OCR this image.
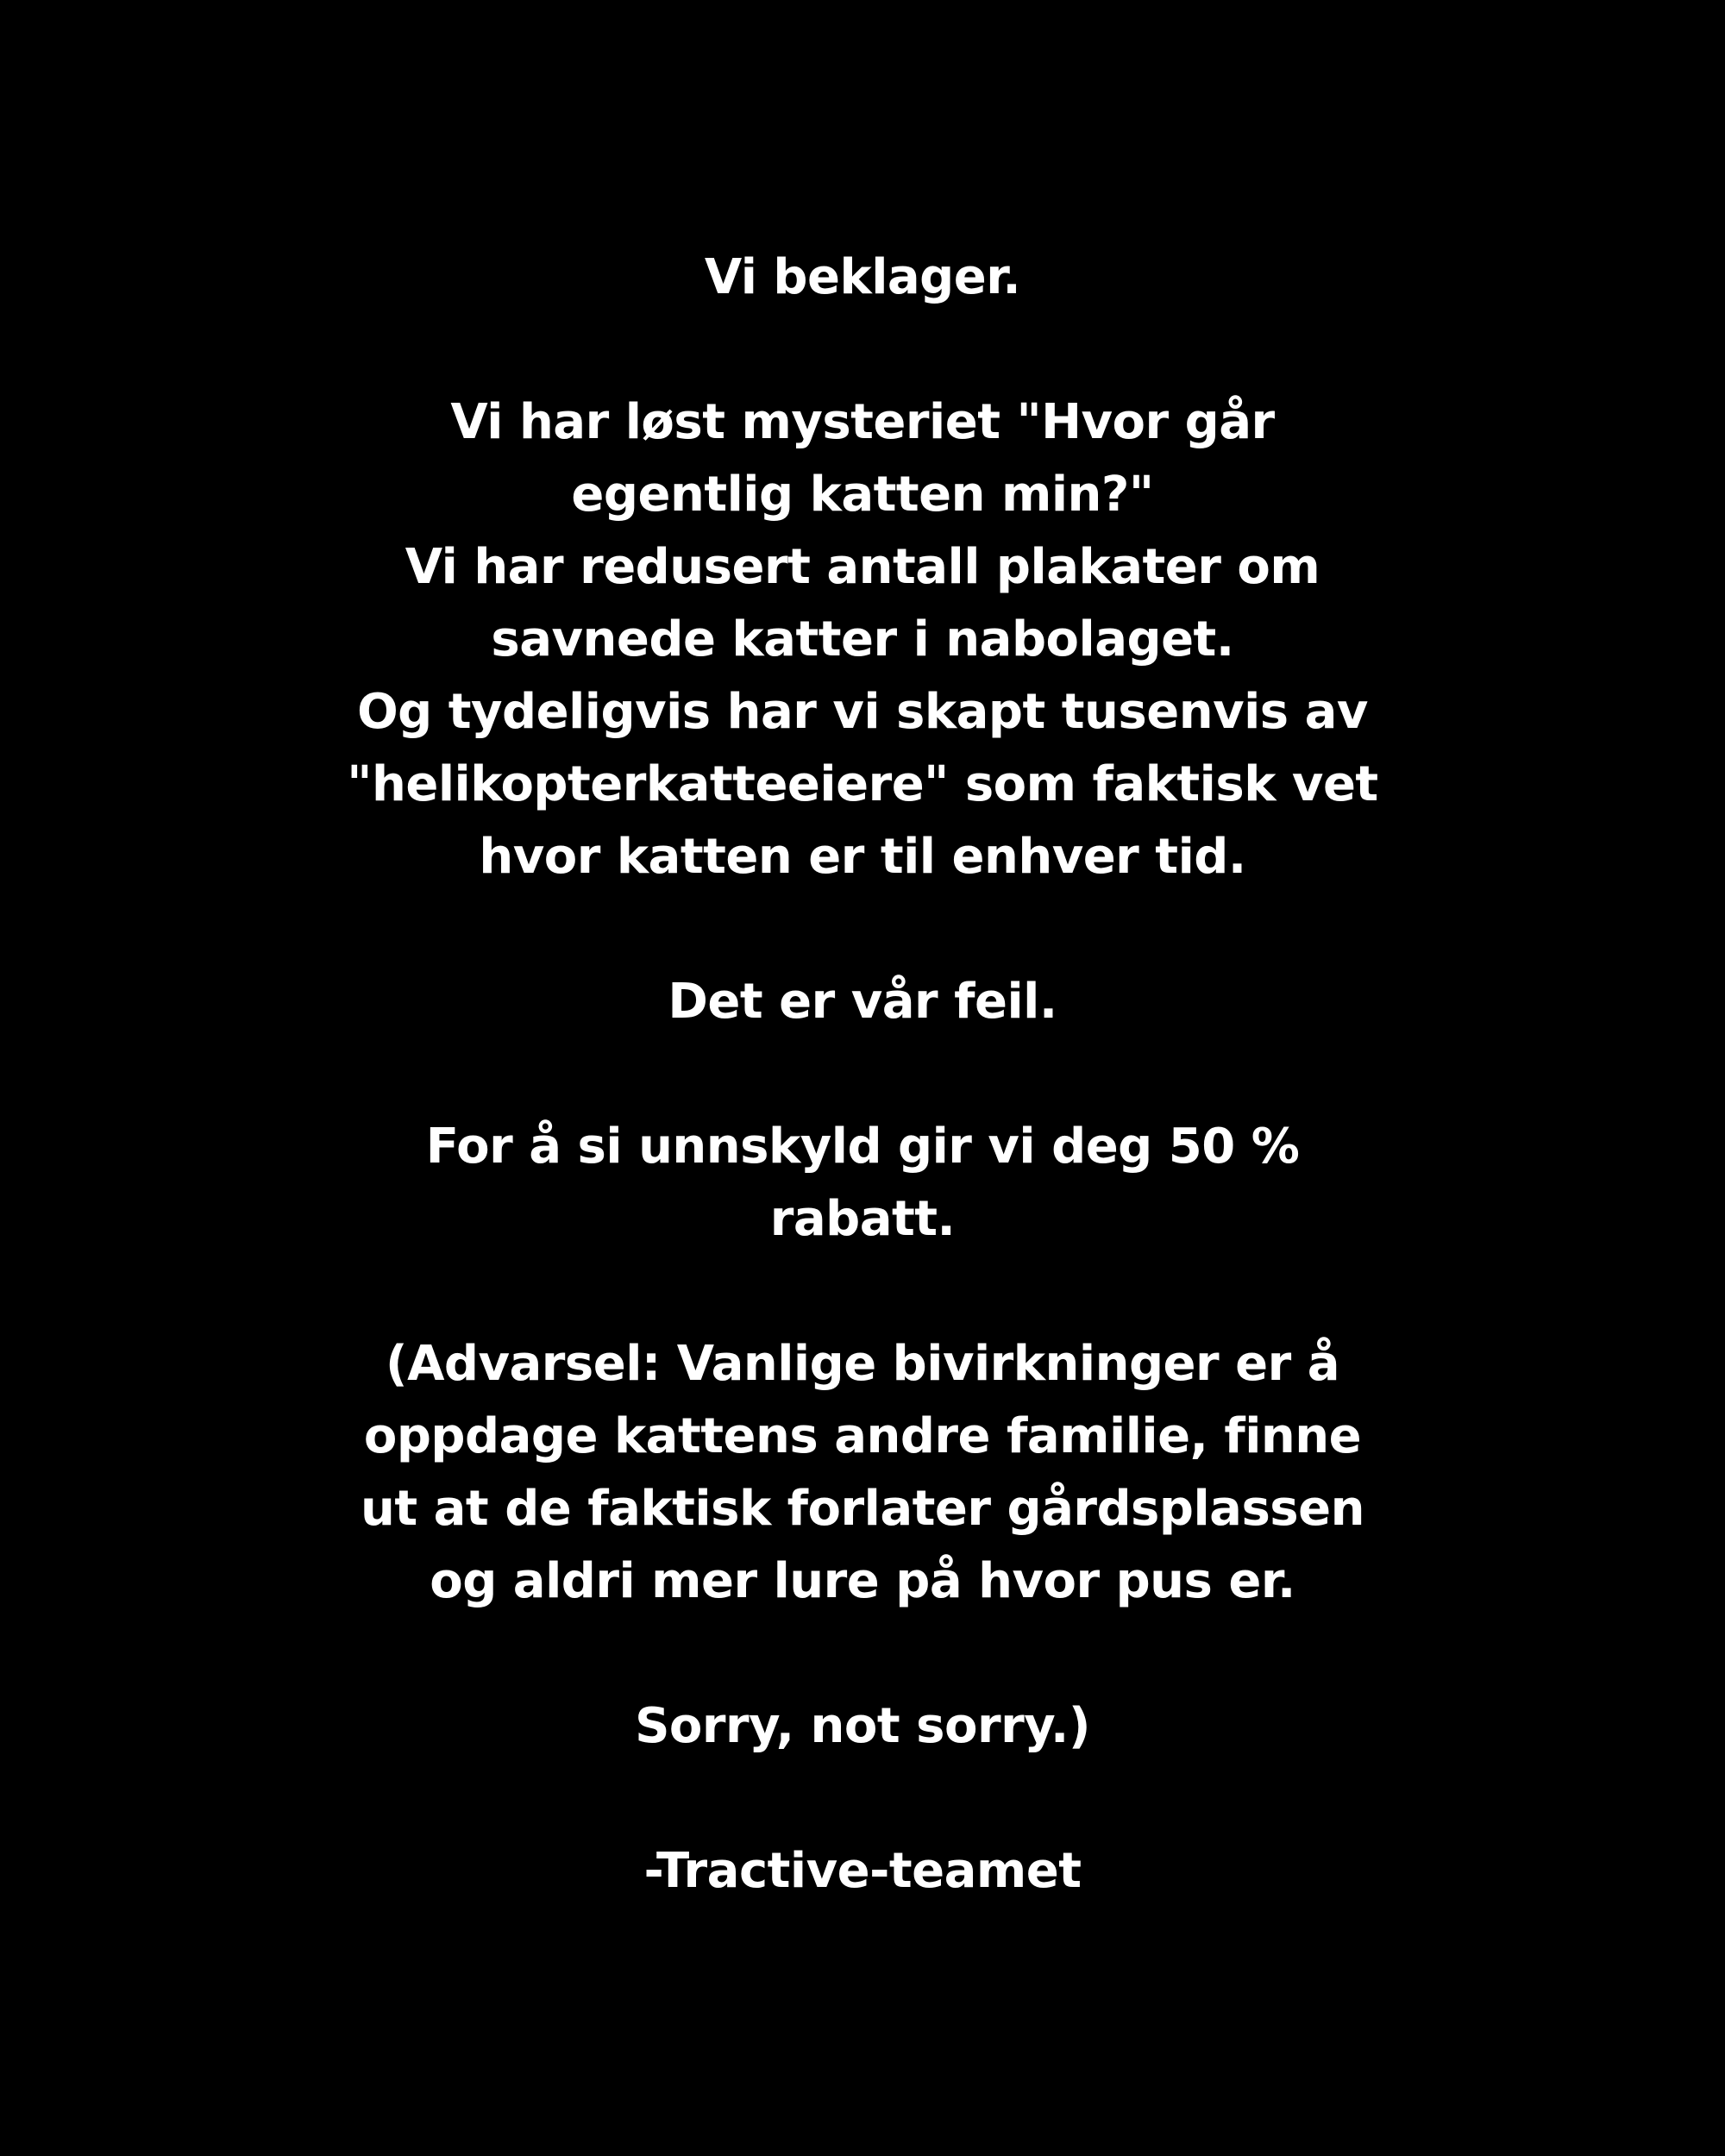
Vi beklager.

Vi har løst mysteriet "Hvor går
egentlig katten min?"
Vi har redusert antall plakater om
savnede katter i nabolaget.
Og tydeligvis har vi skapt tusenvis av
"helikopterkatteeiere" som faktisk vet
hvor katten er til enhver tid.

Det er vår feil.

For å si unnskyld gir vi deg 50 %
rabatt.

(Advarsel: Vanlige bivirkninger er å
oppdage kattens andre familie, finne
ut at de faktisk forlater gårdsplassen
og aldri mer lure på hvor pus er.

Sorry, not sorry.)

-Tractive-teamet
